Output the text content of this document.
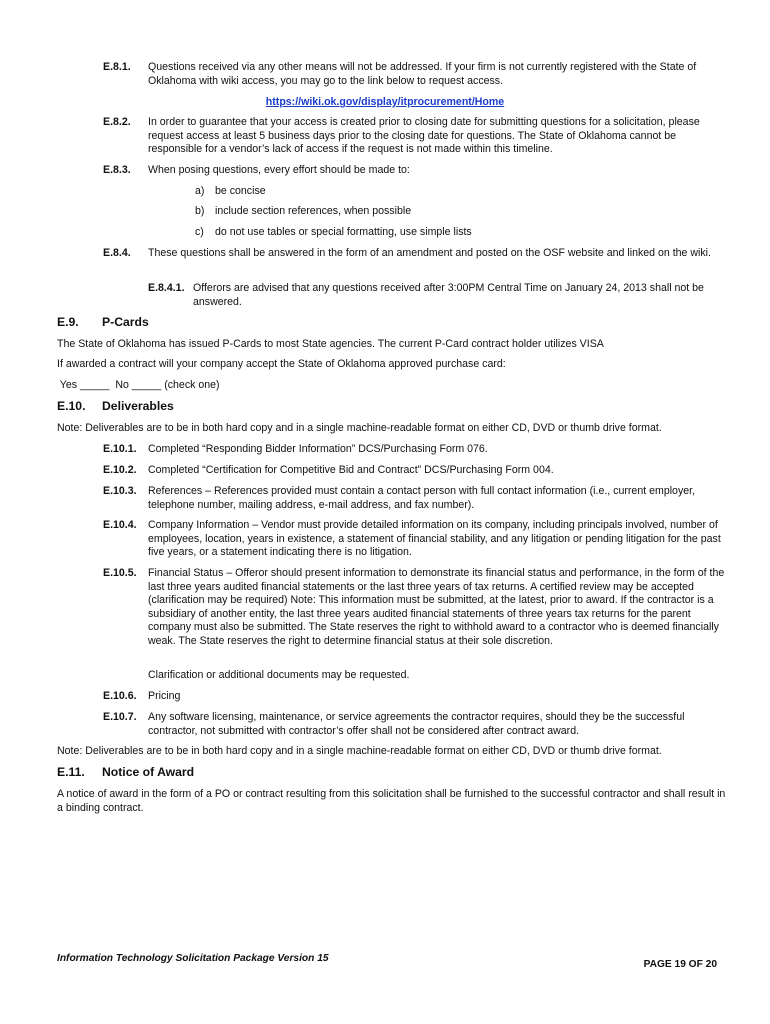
E.8.1. Questions received via any other means will not be addressed. If your firm is not currently registered with the State of Oklahoma with wiki access, you may go to the link below to request access.
https://wiki.ok.gov/display/itprocurement/Home
E.8.2. In order to guarantee that your access is created prior to closing date for submitting questions for a solicitation, please request access at least 5 business days prior to the closing date for questions. The State of Oklahoma cannot be responsible for a vendor’s lack of access if the request is not made within this timeline.
E.8.3. When posing questions, every effort should be made to:
a) be concise
b) include section references, when possible
c) do not use tables or special formatting, use simple lists
E.8.4. These questions shall be answered in the form of an amendment and posted on the OSF website and linked on the wiki.
E.8.4.1. Offerors are advised that any questions received after 3:00PM Central Time on January 24, 2013 shall not be answered.
E.9. P-Cards
The State of Oklahoma has issued P-Cards to most State agencies. The current P-Card contract holder utilizes VISA
If awarded a contract will your company accept the State of Oklahoma approved purchase card:
Yes _____  No _____ (check one)
E.10. Deliverables
Note: Deliverables are to be in both hard copy and in a single machine-readable format on either CD, DVD or thumb drive format.
E.10.1. Completed “Responding Bidder Information” DCS/Purchasing Form 076.
E.10.2. Completed “Certification for Competitive Bid and Contract” DCS/Purchasing Form 004.
E.10.3. References – References provided must contain a contact person with full contact information (i.e., current employer, telephone number, mailing address, e-mail address, and fax number).
E.10.4. Company Information – Vendor must provide detailed information on its company, including principals involved, number of employees, location, years in existence, a statement of financial stability, and any litigation or pending litigation for the past five years, or a statement indicating there is no litigation.
E.10.5. Financial Status – Offeror should present information to demonstrate its financial status and performance, in the form of the last three years audited financial statements or the last three years of tax returns. A certified review may be accepted (clarification may be required) Note: This information must be submitted, at the latest, prior to award. If the contractor is a subsidiary of another entity, the last three years audited financial statements of three years tax returns for the parent company must also be submitted. The State reserves the right to withhold award to a contractor who is deemed financially weak. The State reserves the right to determine financial status at their sole discretion.
Clarification or additional documents may be requested.
E.10.6. Pricing
E.10.7. Any software licensing, maintenance, or service agreements the contractor requires, should they be the successful contractor, not submitted with contractor’s offer shall not be considered after contract award.
Note: Deliverables are to be in both hard copy and in a single machine-readable format on either CD, DVD or thumb drive format.
E.11. Notice of Award
A notice of award in the form of a PO or contract resulting from this solicitation shall be furnished to the successful contractor and shall result in a binding contract.
Information Technology Solicitation Package Version 15
PAGE 19 OF 20
